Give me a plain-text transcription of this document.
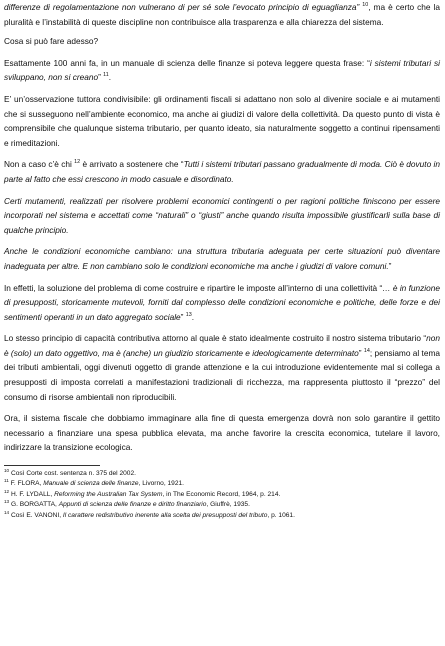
differenze di regolamentazione non vulnerano di per sé sole l’evocato principio di eguaglianza” $^{10}$, ma è certo che la pluralità e l’instabilità di queste discipline non contribuisce alla trasparenza e alla chiarezza del sistema.

Cosa si può fare adesso?

Esattamente 100 anni fa, in un manuale di scienza delle finanze si poteva leggere questa frase: “i sistemi tributari si sviluppano, non si creano” $^{11}$.

E’ un’osservazione tuttora condivisibile: gli ordinamenti fiscali si adattano non solo al divenire sociale e ai mutamenti che si susseguono nell’ambiente economico, ma anche ai giudizi di valore della collettività. Da questo punto di vista è comprensibile che qualunque sistema tributario, per quanto ideato, sia naturalmente soggetto a continui ripensamenti e rimeditazioni.

Non a caso c’è chi $^{12}$ è arrivato a sostenere che “Tutti i sistemi tributari passano gradualmente di moda. Ciò è dovuto in parte al fatto che essi crescono in modo casuale e disordinato.

Certi mutamenti, realizzati per risolvere problemi economici contingenti o per ragioni politiche finiscono per essere incorporati nel sistema e accettati come “naturali” o “giusti” anche quando risulta impossibile giustificarli sulla base di qualche principio.

Anche le condizioni economiche cambiano: una struttura tributaria adeguata per certe situazioni può diventare inadeguata per altre. E non cambiano solo le condizioni economiche ma anche i giudizi di valore comuni.”

In effetti, la soluzione del problema di come costruire e ripartire le imposte all’interno di una collettività “… è in funzione di presupposti, storicamente mutevoli, forniti dal complesso delle condizioni economiche e politiche, delle forze e dei sentimenti operanti in un dato aggregato sociale” $^{13}$.

Lo stesso principio di capacità contributiva attorno al quale è stato idealmente costruito il nostro sistema tributario “non è (solo) un dato oggettivo, ma è (anche) un giudizio storicamente e ideologicamente determinato” $^{14}$; pensiamo al tema dei tributi ambientali, oggi divenuti oggetto di grande attenzione e la cui introduzione evidentemente mal si collega a presupposti di imposta correlati a manifestazioni tradizionali di ricchezza, ma rappresenta piuttosto il “prezzo” del consumo di risorse ambientali non riproducibili.

Ora, il sistema fiscale che dobbiamo immaginare alla fine di questa emergenza dovrà non solo garantire il gettito necessario a finanziare una spesa pubblica elevata, ma anche favorire la crescita economica, tutelare il lavoro, indirizzare la transizione ecologica.

$^{10}$ Così Corte cost. sentenza n. 375 del 2002.

$^{11}$ F. FLORA, Manuale di scienza delle finanze, Livorno, 1921.

$^{12}$ H. F. LYDALL, Reforming the Australian Tax System, in The Economic Record, 1964, p. 214.

$^{13}$ G. BORGATTA, Appunti di scienza delle finanze e diritto finanziario, Giuffrè, 1935.

$^{14}$ Così E. VANONI, Il carattere redistributivo inerente alla scelta dei presupposti del tributo, p. 1061.
